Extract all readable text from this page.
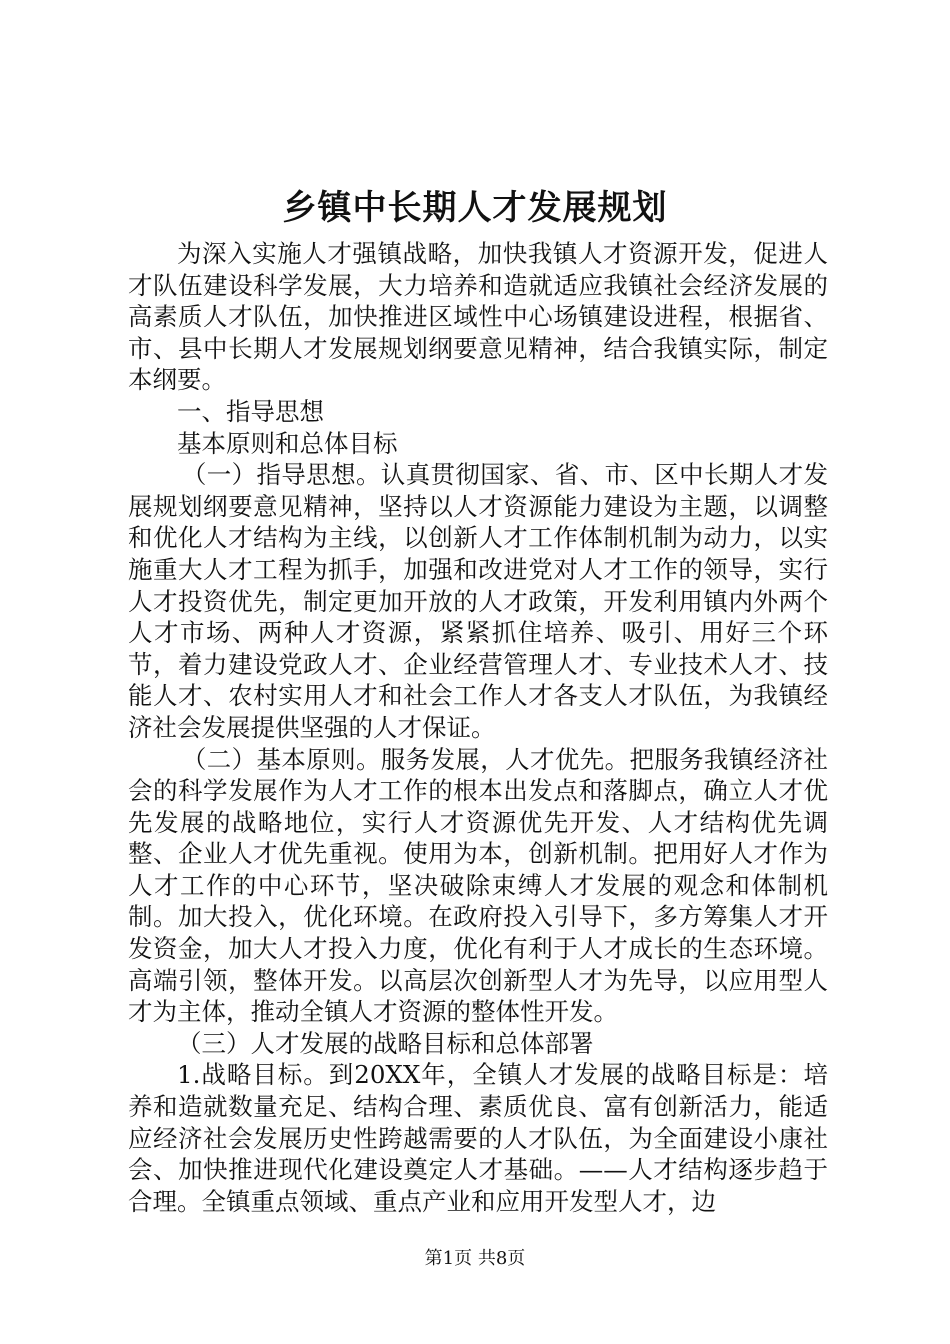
乡镇中长期人才发展规划

为深入实施人才强镇战略，加快我镇人才资源开发，促进人才队伍建设科学发展，大力培养和造就适应我镇社会经济发展的高素质人才队伍，加快推进区域性中心场镇建设进程，根据省、市、县中长期人才发展规划纲要意见精神，结合我镇实际，制定本纲要。

一、指导思想

基本原则和总体目标

（一）指导思想。认真贯彻国家、省、市、区中长期人才发展规划纲要意见精神，坚持以人才资源能力建设为主题，以调整和优化人才结构为主线，以创新人才工作体制机制为动力，以实施重大人才工程为抓手，加强和改进党对人才工作的领导，实行人才投资优先，制定更加开放的人才政策，开发利用镇内外两个人才市场、两种人才资源，紧紧抓住培养、吸引、用好三个环节，着力建设党政人才、企业经营管理人才、专业技术人才、技能人才、农村实用人才和社会工作人才各支人才队伍，为我镇经济社会发展提供坚强的人才保证。

（二）基本原则。服务发展，人才优先。把服务我镇经济社会的科学发展作为人才工作的根本出发点和落脚点，确立人才优先发展的战略地位，实行人才资源优先开发、人才结构优先调整、企业人才优先重视。使用为本，创新机制。把用好人才作为人才工作的中心环节，坚决破除束缚人才发展的观念和体制机制。加大投入，优化环境。在政府投入引导下，多方筹集人才开发资金，加大人才投入力度，优化有利于人才成长的生态环境。高端引领，整体开发。以高层次创新型人才为先导，以应用型人才为主体，推动全镇人才资源的整体性开发。

（三）人才发展的战略目标和总体部署

1.战略目标。到20XX年，全镇人才发展的战略目标是：培养和造就数量充足、结构合理、素质优良、富有创新活力，能适应经济社会发展历史性跨越需要的人才队伍，为全面建设小康社会、加快推进现代化建设奠定人才基础。——人才结构逐步趋于合理。全镇重点领域、重点产业和应用开发型人才，边

第1页 共8页
